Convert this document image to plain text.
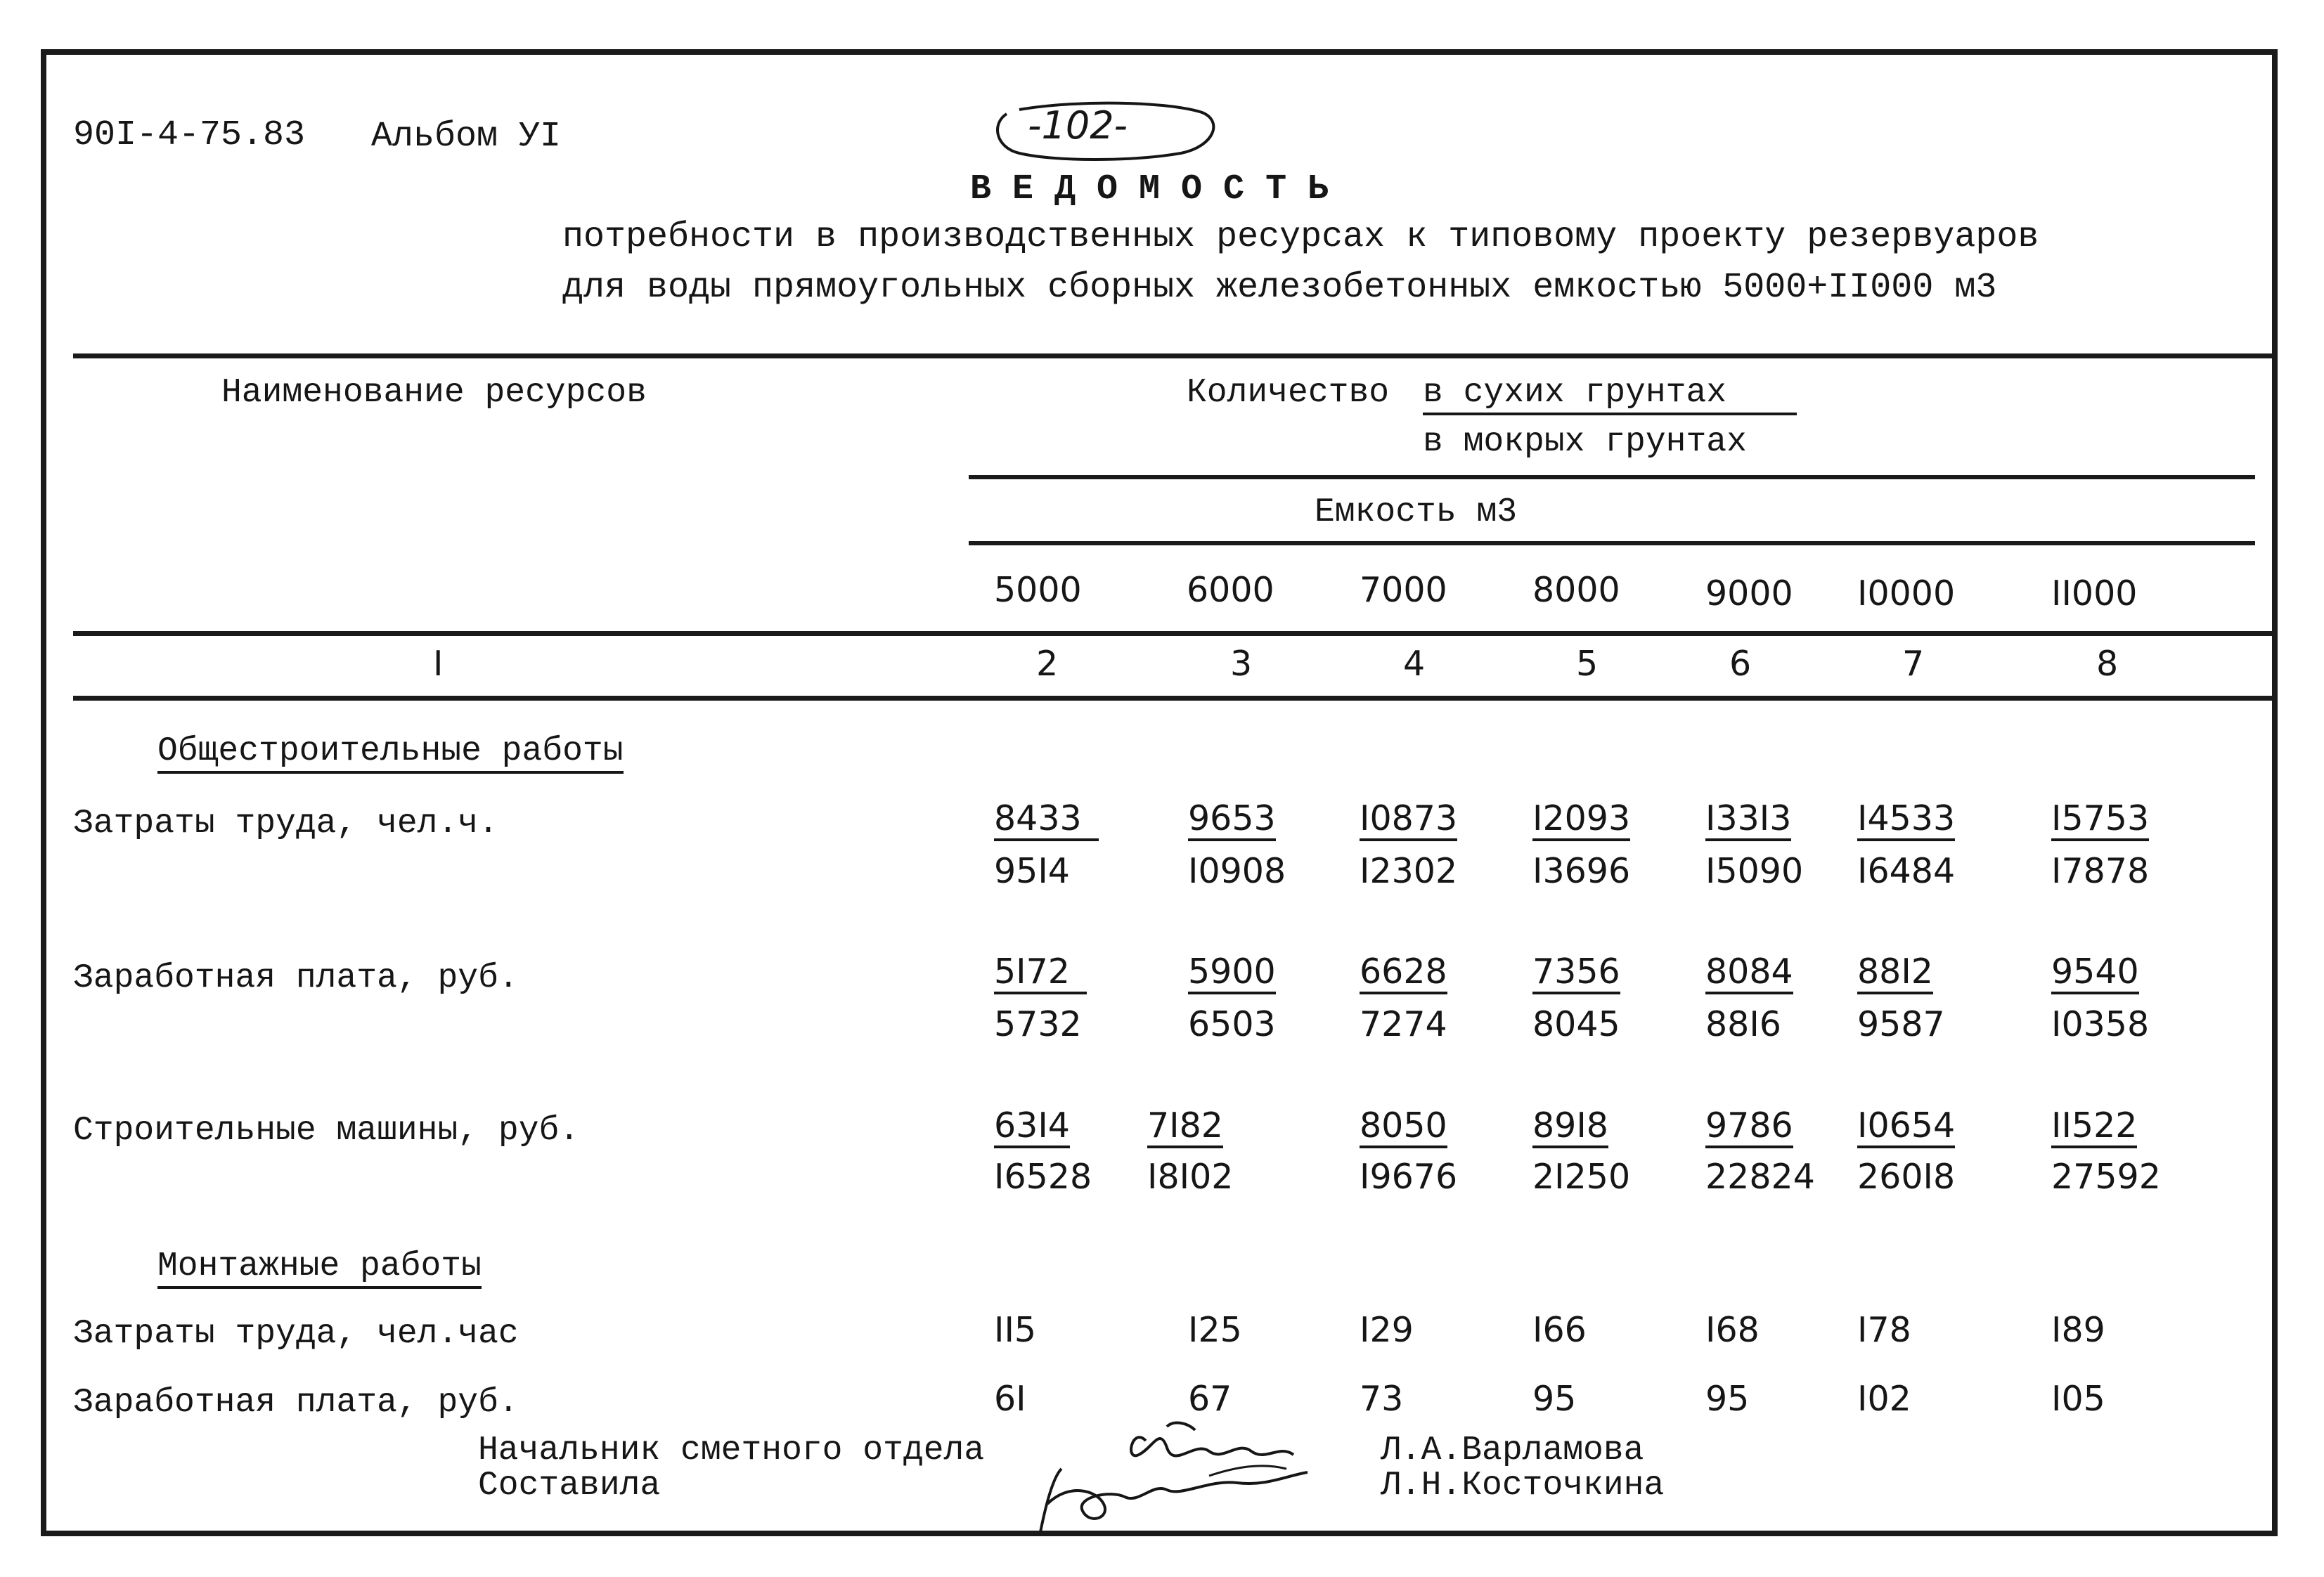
90I-4-75.83 Альбом УI	-102-
В Е Д О М О С Т Ь
потребности в производственных ресурсах к типовому проекту резервуаров
для воды прямоугольных сборных железобетонных емкостью 5000+II000 м3
Наименование ресурсов	Количество в сухих грунтах
в мокрых грунтах
Емкость м3
5000	6000 7000 8000 9000 I0000	II000
I	2	3	4	5	6	7	8
Общестроительные работы
Затраты труда, чел.ч.	8433	9653 I0873 I2093 I33I3 I4533	I5753
95I4	I0908 I2302 I3696 I5090 I6484	I7878
Заработная плата, руб.	5I72	5900 6628 7356 8084 88I2	9540
5732	6503 7274 8045 88I6 9587	I0358
Строительные машины, руб.	63I4 7I82	8050 89I8	9786 I0654	II522
I6528 I8I02	I9676 2I250 22824 260I8	27592
Монтажные работы
Затраты труда, чел.час	II5	I25	I29	I66	I68	I78	I89
Заработная плата, руб.	6I	67	73	95	95	I02	I05
Начальник сметного отдела
Составила
Л.А.Варламова
Л.Н.Косточкина
